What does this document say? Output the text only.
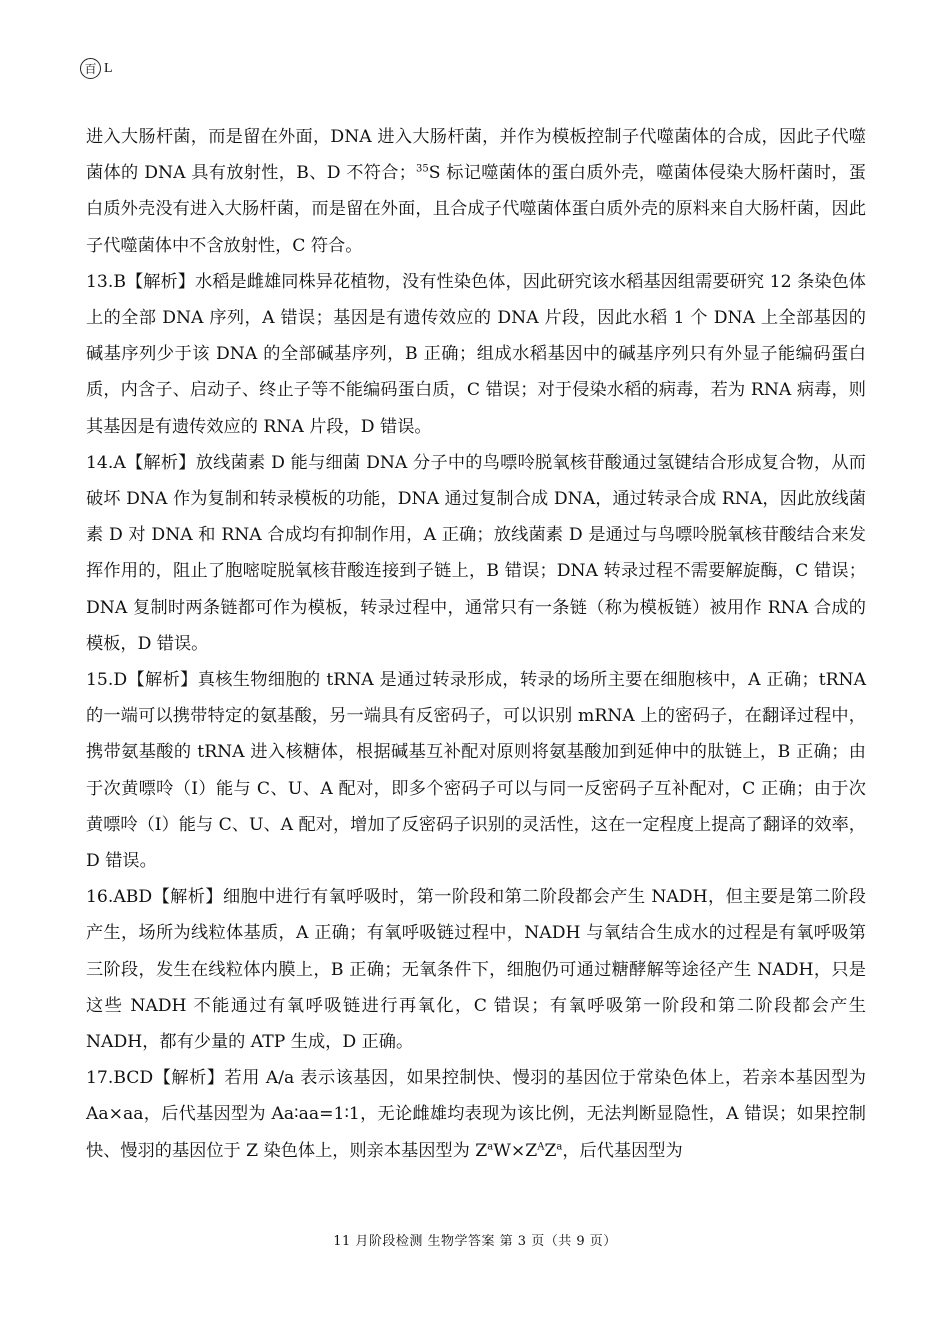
百 L

进入大肠杆菌，而是留在外面，DNA 进入大肠杆菌，并作为模板控制子代噬菌体的合成，因此子代噬菌体的 DNA 具有放射性，B、D 不符合；$^{35}$S 标记噬菌体的蛋白质外壳，噬菌体侵染大肠杆菌时，蛋白质外壳没有进入大肠杆菌，而是留在外面，且合成子代噬菌体蛋白质外壳的原料来自大肠杆菌，因此子代噬菌体中不含放射性，C 符合。

13.B【解析】水稻是雌雄同株异花植物，没有性染色体，因此研究该水稻基因组需要研究 12 条染色体上的全部 DNA 序列，A 错误；基因是有遗传效应的 DNA 片段，因此水稻 1 个 DNA 上全部基因的碱基序列少于该 DNA 的全部碱基序列，B 正确；组成水稻基因中的碱基序列只有外显子能编码蛋白质，内含子、启动子、终止子等不能编码蛋白质，C 错误；对于侵染水稻的病毒，若为 RNA 病毒，则其基因是有遗传效应的 RNA 片段，D 错误。

14.A【解析】放线菌素 D 能与细菌 DNA 分子中的鸟嘌呤脱氧核苷酸通过氢键结合形成复合物，从而破坏 DNA 作为复制和转录模板的功能，DNA 通过复制合成 DNA，通过转录合成 RNA，因此放线菌素 D 对 DNA 和 RNA 合成均有抑制作用，A 正确；放线菌素 D 是通过与鸟嘌呤脱氧核苷酸结合来发挥作用的，阻止了胞嘧啶脱氧核苷酸连接到子链上，B 错误；DNA 转录过程不需要解旋酶，C 错误；DNA 复制时两条链都可作为模板，转录过程中，通常只有一条链（称为模板链）被用作 RNA 合成的模板，D 错误。

15.D【解析】真核生物细胞的 tRNA 是通过转录形成，转录的场所主要在细胞核中，A 正确；tRNA 的一端可以携带特定的氨基酸，另一端具有反密码子，可以识别 mRNA 上的密码子，在翻译过程中，携带氨基酸的 tRNA 进入核糖体，根据碱基互补配对原则将氨基酸加到延伸中的肽链上，B 正确；由于次黄嘌呤（I）能与 C、U、A 配对，即多个密码子可以与同一反密码子互补配对，C 正确；由于次黄嘌呤（I）能与 C、U、A 配对，增加了反密码子识别的灵活性，这在一定程度上提高了翻译的效率，D 错误。

16.ABD【解析】细胞中进行有氧呼吸时，第一阶段和第二阶段都会产生 NADH，但主要是第二阶段产生，场所为线粒体基质，A 正确；有氧呼吸链过程中，NADH 与氧结合生成水的过程是有氧呼吸第三阶段，发生在线粒体内膜上，B 正确；无氧条件下，细胞仍可通过糖酵解等途径产生 NADH，只是这些 NADH 不能通过有氧呼吸链进行再氧化，C 错误；有氧呼吸第一阶段和第二阶段都会产生 NADH，都有少量的 ATP 生成，D 正确。

17.BCD【解析】若用 A/a 表示该基因，如果控制快、慢羽的基因位于常染色体上，若亲本基因型为 Aa×aa，后代基因型为 Aa∶aa=1∶1，无论雌雄均表现为该比例，无法判断显隐性，A 错误；如果控制快、慢羽的基因位于 Z 染色体上，则亲本基因型为 $Z^aW\times Z^AZ^a$，后代基因型为

11 月阶段检测 生物学答案 第 3 页（共 9 页）
